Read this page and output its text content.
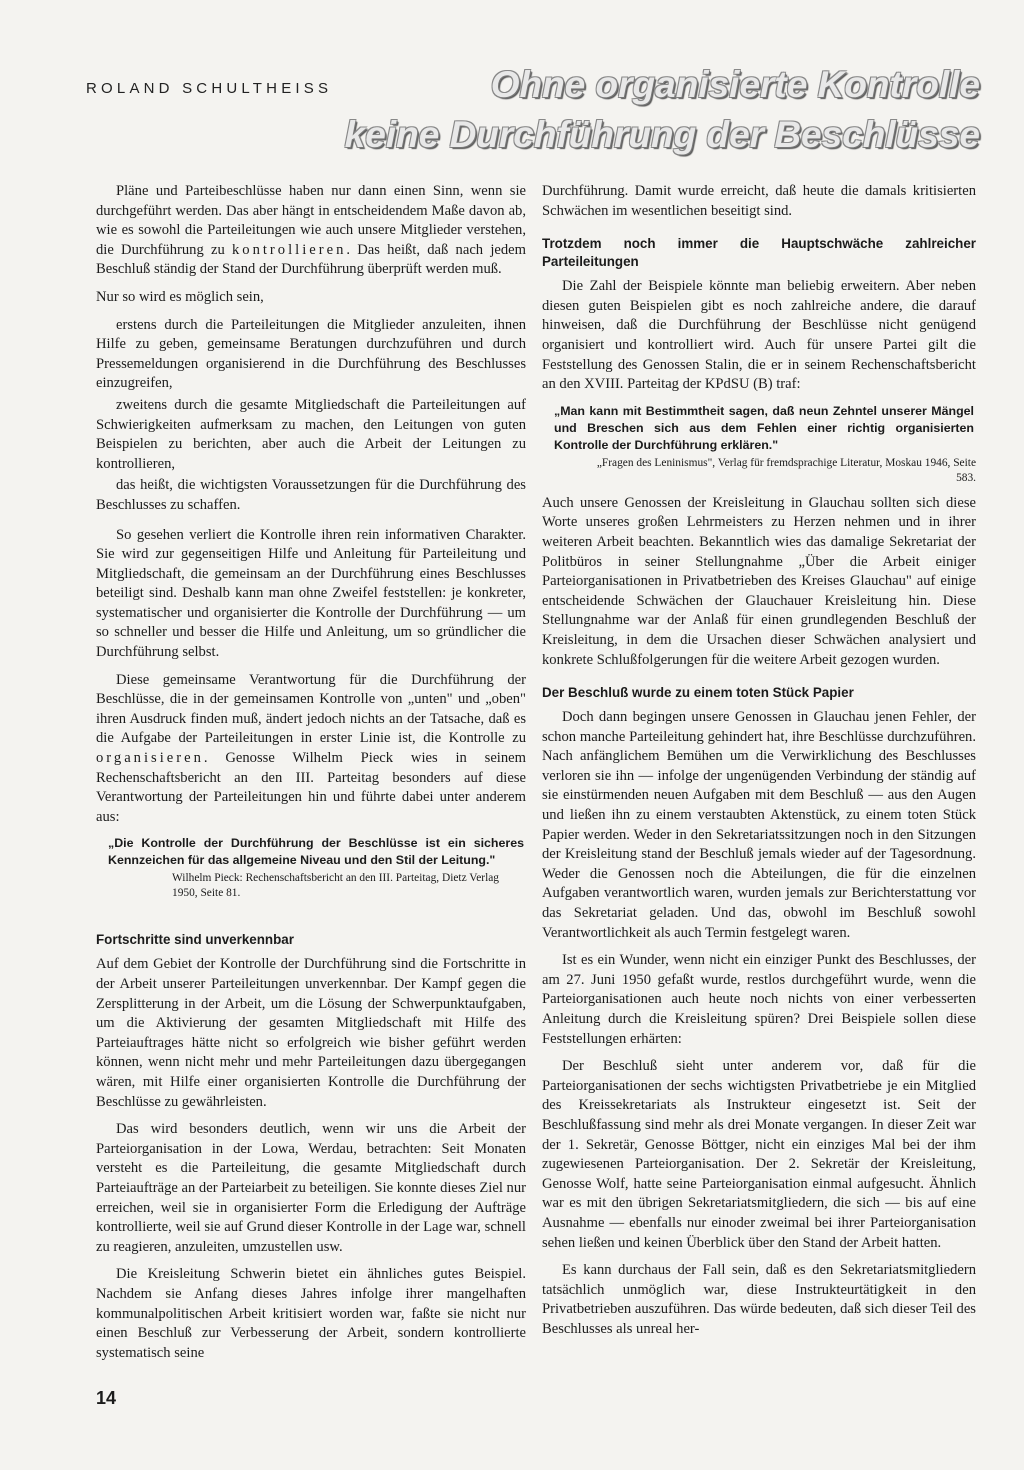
ROLAND SCHULTHEISS	Ohne organisierte Kontrolle
keine Durchführung der Beschlüsse

Pläne und Parteibeschlüsse haben nur dann einen Sinn, wenn sie durchgeführt werden. Das aber hängt in entscheidendem Maße davon ab, wie es sowohl die Parteileitungen wie auch unsere Mitglieder verstehen, die Durchführung zu kontrollieren. Das heißt, daß nach jedem Beschluß ständig der Stand der Durchführung überprüft werden muß.

Nur so wird es möglich sein,

erstens durch die Parteileitungen die Mitglieder anzuleiten, ihnen Hilfe zu geben, gemeinsame Beratungen durchzuführen und durch Pressemeldungen organisierend in die Durchführung des Beschlusses einzugreifen,

zweitens durch die gesamte Mitgliedschaft die Parteileitungen auf Schwierigkeiten aufmerksam zu machen, den Leitungen von guten Beispielen zu berichten, aber auch die Arbeit der Leitungen zu kontrollieren,

das heißt, die wichtigsten Voraussetzungen für die Durchführung des Beschlusses zu schaffen.

So gesehen verliert die Kontrolle ihren rein informativen Charakter. Sie wird zur gegenseitigen Hilfe und Anleitung für Parteileitung und Mitgliedschaft, die gemeinsam an der Durchführung eines Beschlusses beteiligt sind. Deshalb kann man ohne Zweifel feststellen: je konkreter, systematischer und organisierter die Kontrolle der Durchführung — um so schneller und besser die Hilfe und Anleitung, um so gründlicher die Durchführung selbst.

Diese gemeinsame Verantwortung für die Durchführung der Beschlüsse, die in der gemeinsamen Kontrolle von „unten" und „oben" ihren Ausdruck finden muß, ändert jedoch nichts an der Tatsache, daß es die Aufgabe der Parteileitungen in erster Linie ist, die Kontrolle zu organisieren. Genosse Wilhelm Pieck wies in seinem Rechenschaftsbericht an den III. Parteitag besonders auf diese Verantwortung der Parteileitungen hin und führte dabei unter anderem aus:

„Die Kontrolle der Durchführung der Beschlüsse ist ein sicheres Kennzeichen für das allgemeine Niveau und den Stil der Leitung."

Wilhelm Pieck: Rechenschaftsbericht an den III. Parteitag, Dietz Verlag 1950, Seite 81.

Fortschritte sind unverkennbar

Auf dem Gebiet der Kontrolle der Durchführung sind die Fortschritte in der Arbeit unserer Parteileitungen unverkennbar. Der Kampf gegen die Zersplitterung in der Arbeit, um die Lösung der Schwerpunktaufgaben, um die Aktivierung der gesamten Mitgliedschaft mit Hilfe des Parteiauftrages hätte nicht so erfolgreich wie bisher geführt werden können, wenn nicht mehr und mehr Parteileitungen dazu übergegangen wären, mit Hilfe einer organisierten Kontrolle die Durchführung der Beschlüsse zu gewährleisten.

Das wird besonders deutlich, wenn wir uns die Arbeit der Parteiorganisation in der Lowa, Werdau, betrachten: Seit Monaten versteht es die Parteileitung, die gesamte Mitgliedschaft durch Parteiaufträge an der Parteiarbeit zu beteiligen. Sie konnte dieses Ziel nur erreichen, weil sie in organisierter Form die Erledigung der Aufträge kontrollierte, weil sie auf Grund dieser Kontrolle in der Lage war, schnell zu reagieren, anzuleiten, umzustellen usw.

Die Kreisleitung Schwerin bietet ein ähnliches gutes Beispiel. Nachdem sie Anfang dieses Jahres infolge ihrer mangelhaften kommunalpolitischen Arbeit kritisiert worden war, faßte sie nicht nur einen Beschluß zur Verbesserung der Arbeit, sondern kontrollierte systematisch seine

Durchführung. Damit wurde erreicht, daß heute die damals kritisierten Schwächen im wesentlichen beseitigt sind.

Trotzdem noch immer die Hauptschwäche zahlreicher Parteileitungen

Die Zahl der Beispiele könnte man beliebig erweitern. Aber neben diesen guten Beispielen gibt es noch zahlreiche andere, die darauf hinweisen, daß die Durchführung der Beschlüsse nicht genügend organisiert und kontrolliert wird. Auch für unsere Partei gilt die Feststellung des Genossen Stalin, die er in seinem Rechenschaftsbericht an den XVIII. Parteitag der KPdSU (B) traf:

„Man kann mit Bestimmtheit sagen, daß neun Zehntel unserer Mängel und Breschen sich aus dem Fehlen einer richtig organisierten Kontrolle der Durchführung erklären."

„Fragen des Leninismus", Verlag für fremdsprachige Literatur, Moskau 1946, Seite 583.

Auch unsere Genossen der Kreisleitung in Glauchau sollten sich diese Worte unseres großen Lehrmeisters zu Herzen nehmen und in ihrer weiteren Arbeit beachten. Bekanntlich wies das damalige Sekretariat der Politbüros in seiner Stellungnahme „Über die Arbeit einiger Parteiorganisationen in Privatbetrieben des Kreises Glauchau" auf einige entscheidende Schwächen der Glauchauer Kreisleitung hin. Diese Stellungnahme war der Anlaß für einen grundlegenden Beschluß der Kreisleitung, in dem die Ursachen dieser Schwächen analysiert und konkrete Schlußfolgerungen für die weitere Arbeit gezogen wurden.

Der Beschluß wurde zu einem toten Stück Papier

Doch dann begingen unsere Genossen in Glauchau jenen Fehler, der schon manche Parteileitung gehindert hat, ihre Beschlüsse durchzuführen. Nach anfänglichem Bemühen um die Verwirklichung des Beschlusses verloren sie ihn — infolge der ungenügenden Verbindung der ständig auf sie einstürmenden neuen Aufgaben mit dem Beschluß — aus den Augen und ließen ihn zu einem verstaubten Aktenstück, zu einem toten Stück Papier werden. Weder in den Sekretariatssitzungen noch in den Sitzungen der Kreisleitung stand der Beschluß jemals wieder auf der Tagesordnung. Weder die Genossen noch die Abteilungen, die für die einzelnen Aufgaben verantwortlich waren, wurden jemals zur Berichterstattung vor das Sekretariat geladen. Und das, obwohl im Beschluß sowohl Verantwortlichkeit als auch Termin festgelegt waren.

Ist es ein Wunder, wenn nicht ein einziger Punkt des Beschlusses, der am 27. Juni 1950 gefaßt wurde, restlos durchgeführt wurde, wenn die Parteiorganisationen auch heute noch nichts von einer verbesserten Anleitung durch die Kreisleitung spüren? Drei Beispiele sollen diese Feststellungen erhärten:

Der Beschluß sieht unter anderem vor, daß für die Parteiorganisationen der sechs wichtigsten Privatbetriebe je ein Mitglied des Kreissekretariats als Instrukteur eingesetzt ist. Seit der Beschlußfassung sind mehr als drei Monate vergangen. In dieser Zeit war der 1. Sekretär, Genosse Böttger, nicht ein einziges Mal bei der ihm zugewiesenen Parteiorganisation. Der 2. Sekretär der Kreisleitung, Genosse Wolf, hatte seine Parteiorganisation einmal aufgesucht. Ähnlich war es mit den übrigen Sekretariatsmitgliedern, die sich — bis auf eine Ausnahme — ebenfalls nur einoder zweimal bei ihrer Parteiorganisation sehen ließen und keinen Überblick über den Stand der Arbeit hatten.

Es kann durchaus der Fall sein, daß es den Sekretariatsmitgliedern tatsächlich unmöglich war, diese Instrukteurtätigkeit in den Privatbetrieben auszuführen. Das würde bedeuten, daß sich dieser Teil des Beschlusses als unreal her-

14
